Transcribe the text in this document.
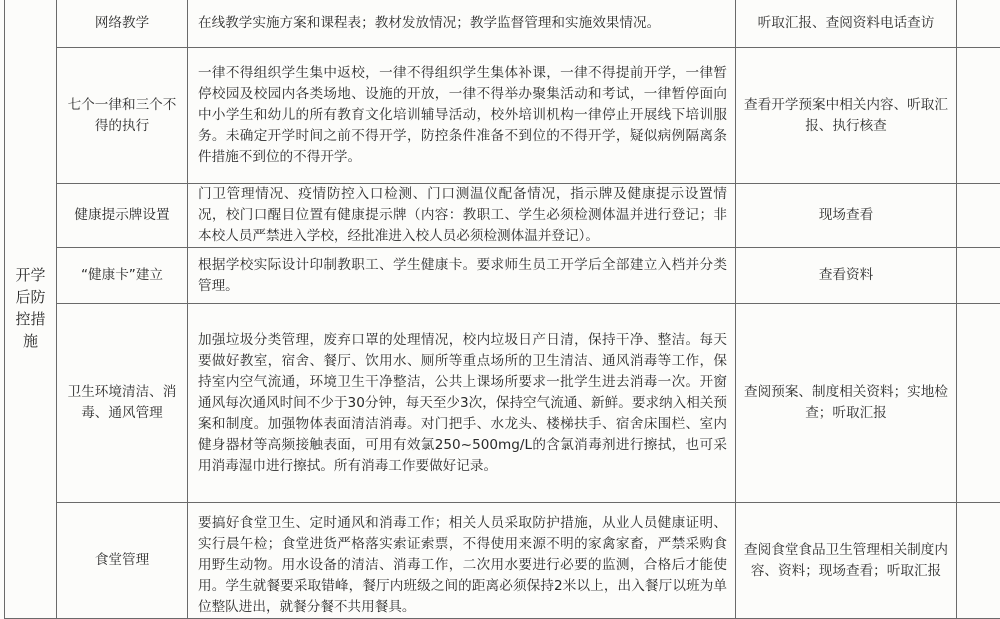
开学后防控措施	网络教学	在线教学实施方案和课程表；教材发放情况；教学监督管理和实施效果情况。	听取汇报、查阅资料电话查访	
	七个一律和三个不得的执行	一律不得组织学生集中返校，一律不得组织学生集体补课，一律不得提前开学，一律暂停校园及校园内各类场地、设施的开放，一律不得举办聚集活动和考试，一律暂停面向中小学生和幼儿的所有教育文化培训辅导活动，校外培训机构一律停止开展线下培训服务。未确定开学时间之前不得开学，防控条件准备不到位的不得开学，疑似病例隔离条件措施不到位的不得开学。	查看开学预案中相关内容、听取汇报、执行核查	
	健康提示牌设置	门卫管理情况、疫情防控入口检测、门口测温仪配备情况，指示牌及健康提示设置情况，校门口醒目位置有健康提示牌（内容：教职工、学生必须检测体温并进行登记；非本校人员严禁进入学校，经批准进入校人员必须检测体温并登记）。	现场查看	
	“健康卡”建立	根据学校实际设计印制教职工、学生健康卡。要求师生员工开学后全部建立入档并分类管理。	查看资料	
	卫生环境清洁、消毒、通风管理	加强垃圾分类管理，废弃口罩的处理情况，校内垃圾日产日清，保持干净、整洁。每天要做好教室，宿舍、餐厅、饮用水、厕所等重点场所的卫生清洁、通风消毒等工作，保持室内空气流通，环境卫生干净整洁，公共上课场所要求一批学生进去消毒一次。开窗通风每次通风时间不少于30分钟，每天至少3次，保持空气流通、新鲜。要求纳入相关预案和制度。加强物体表面清洁消毒。对门把手、水龙头、楼梯扶手、宿舍床围栏、室内健身器材等高频接触表面，可用有效氯250~500mg/L的含氯消毒剂进行擦拭，也可采用消毒湿巾进行擦拭。所有消毒工作要做好记录。	查阅预案、制度相关资料；实地检查；听取汇报	
	食堂管理	要搞好食堂卫生、定时通风和消毒工作；相关人员采取防护措施，从业人员健康证明、实行晨午检；食堂进货严格落实索证索票，不得使用来源不明的家禽家畜，严禁采购食用野生动物。用水设备的清洁、消毒工作，二次用水要进行必要的监测，合格后才能使用。学生就餐要采取错峰，餐厅内班级之间的距离必须保持2米以上，出入餐厅以班为单位整队进出，就餐分餐不共用餐具。	查阅食堂食品卫生管理相关制度内容、资料；现场查看；听取汇报	
